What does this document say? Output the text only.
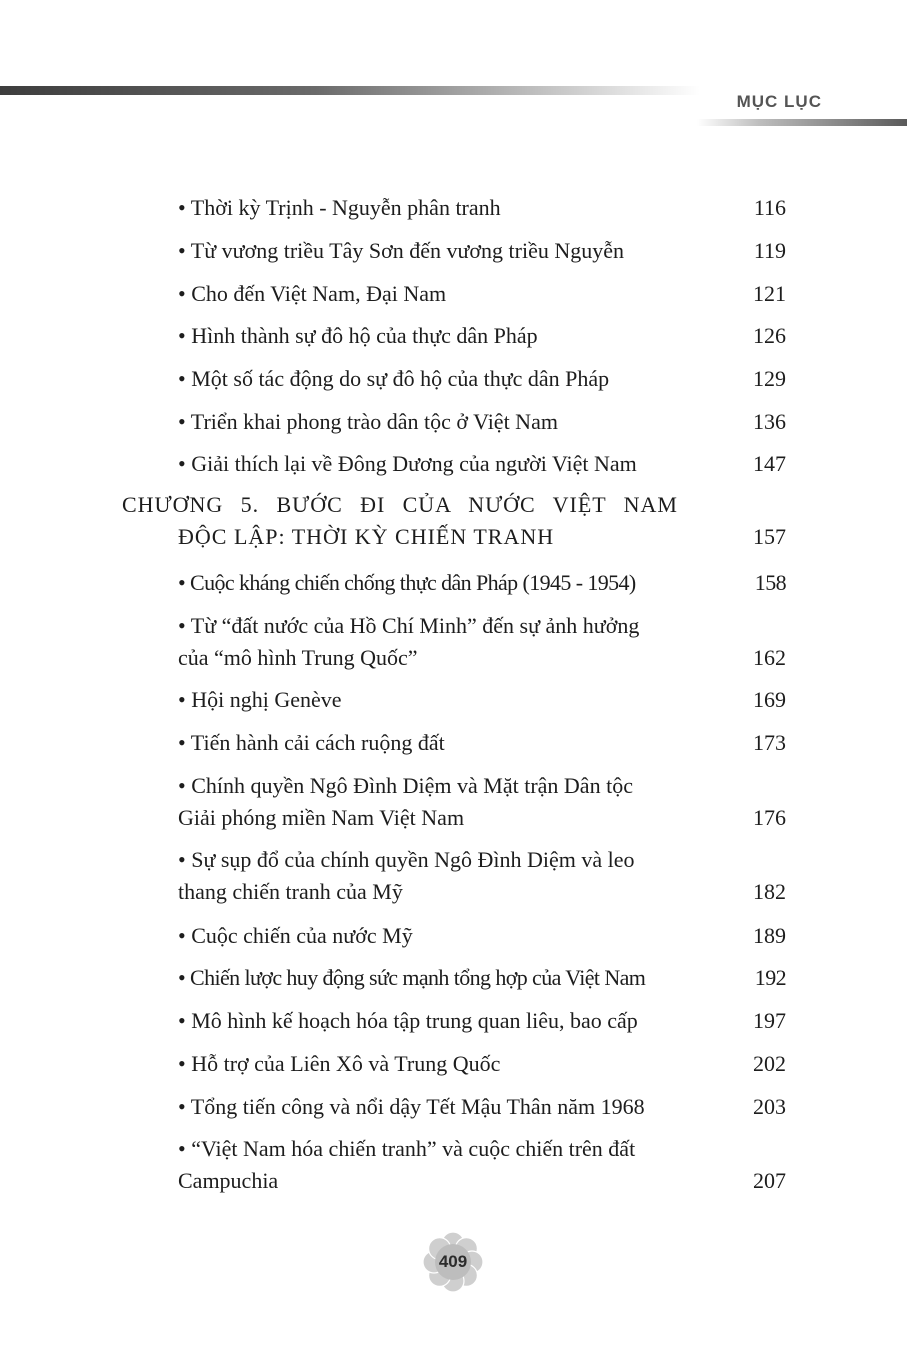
MỤC LỤC
• Thời kỳ Trịnh - Nguyễn phân tranh	116
• Từ vương triều Tây Sơn đến vương triều Nguyễn	119
• Cho đến Việt Nam, Đại Nam	121
• Hình thành sự đô hộ của thực dân Pháp	126
• Một số tác động do sự đô hộ của thực dân Pháp	129
• Triển khai phong trào dân tộc ở Việt Nam	136
• Giải thích lại về Đông Dương của người Việt Nam	147
CHƯƠNG 5. BƯỚC ĐI CỦA NƯỚC VIỆT NAM
ĐỘC LẬP: THỜI KỲ CHIẾN TRANH	157
• Cuộc kháng chiến chống thực dân Pháp (1945 - 1954)	158
• Từ “đất nước của Hồ Chí Minh” đến sự ảnh hưởng
của “mô hình Trung Quốc”	162
• Hội nghị Genève	169
• Tiến hành cải cách ruộng đất	173
• Chính quyền Ngô Đình Diệm và Mặt trận Dân tộc
Giải phóng miền Nam Việt Nam	176
• Sự sụp đổ của chính quyền Ngô Đình Diệm và leo
thang chiến tranh của Mỹ	182
• Cuộc chiến của nước Mỹ	189
• Chiến lược huy động sức mạnh tổng hợp của Việt Nam	192
• Mô hình kế hoạch hóa tập trung quan liêu, bao cấp	197
• Hỗ trợ của Liên Xô và Trung Quốc	202
• Tổng tiến công và nổi dậy Tết Mậu Thân năm 1968	203
• “Việt Nam hóa chiến tranh” và cuộc chiến trên đất
Campuchia	207
409
